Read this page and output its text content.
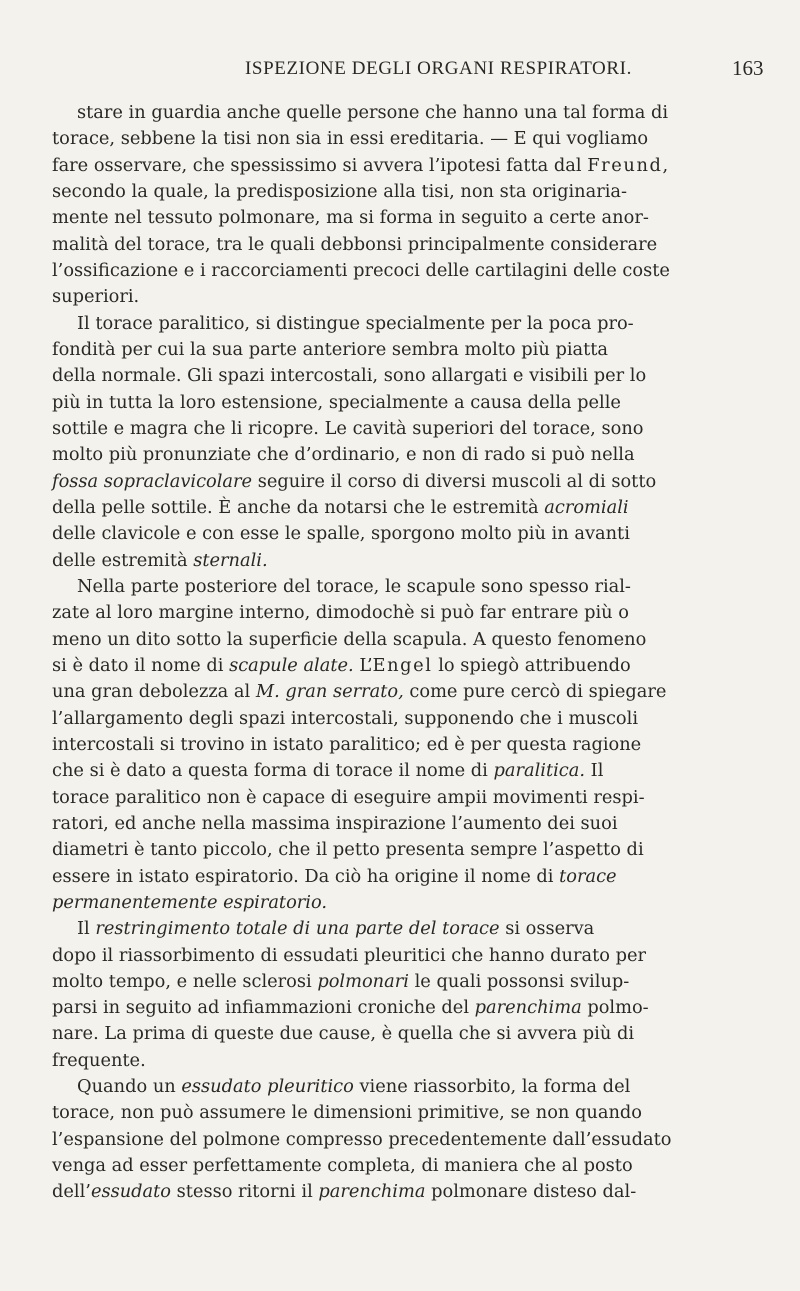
ISPEZIONE DEGLI ORGANI RESPIRATORI.	163
stare in guardia anche quelle persone che hanno una tal forma di
torace, sebbene la tisi non sia in essi ereditaria. — E qui vogliamo
fare osservare, che spessissimo si avvera l’ipotesi fatta dal Freund,
secondo la quale, la predisposizione alla tisi, non sta originaria-
mente nel tessuto polmonare, ma si forma in seguito a certe anor-
malità del torace, tra le quali debbonsi principalmente considerare
l’ossificazione e i raccorciamenti precoci delle cartilagini delle coste
superiori.
Il torace paralitico, si distingue specialmente per la poca pro-
fondità per cui la sua parte anteriore sembra molto più piatta
della normale. Gli spazi intercostali, sono allargati e visibili per lo
più in tutta la loro estensione, specialmente a causa della pelle
sottile e magra che li ricopre. Le cavità superiori del torace, sono
molto più pronunziate che d’ordinario, e non di rado si può nella
fossa sopraclavicolare seguire il corso di diversi muscoli al di sotto
della pelle sottile. È anche da notarsi che le estremità acromiali
delle clavicole e con esse le spalle, sporgono molto più in avanti
delle estremità sternali.
Nella parte posteriore del torace, le scapule sono spesso rial-
zate al loro margine interno, dimodochè si può far entrare più o
meno un dito sotto la superficie della scapula. A questo fenomeno
si è dato il nome di scapule alate. L’Engel lo spiegò attribuendo
una gran debolezza al M. gran serrato, come pure cercò di spiegare
l’allargamento degli spazi intercostali, supponendo che i muscoli
intercostali si trovino in istato paralitico; ed è per questa ragione
che si è dato a questa forma di torace il nome di paralitica. Il
torace paralitico non è capace di eseguire ampii movimenti respi-
ratori, ed anche nella massima inspirazione l’aumento dei suoi
diametri è tanto piccolo, che il petto presenta sempre l’aspetto di
essere in istato espiratorio. Da ciò ha origine il nome di torace
permanentemente espiratorio.
Il restringimento totale di una parte del torace si osserva
dopo il riassorbimento di essudati pleuritici che hanno durato per
molto tempo, e nelle sclerosi polmonari le quali possonsi svilup-
parsi in seguito ad infiammazioni croniche del parenchima polmo-
nare. La prima di queste due cause, è quella che si avvera più di
frequente.
Quando un essudato pleuritico viene riassorbito, la forma del
torace, non può assumere le dimensioni primitive, se non quando
l’espansione del polmone compresso precedentemente dall’essudato
venga ad esser perfettamente completa, di maniera che al posto
dell’essudato stesso ritorni il parenchima polmonare disteso dal-
